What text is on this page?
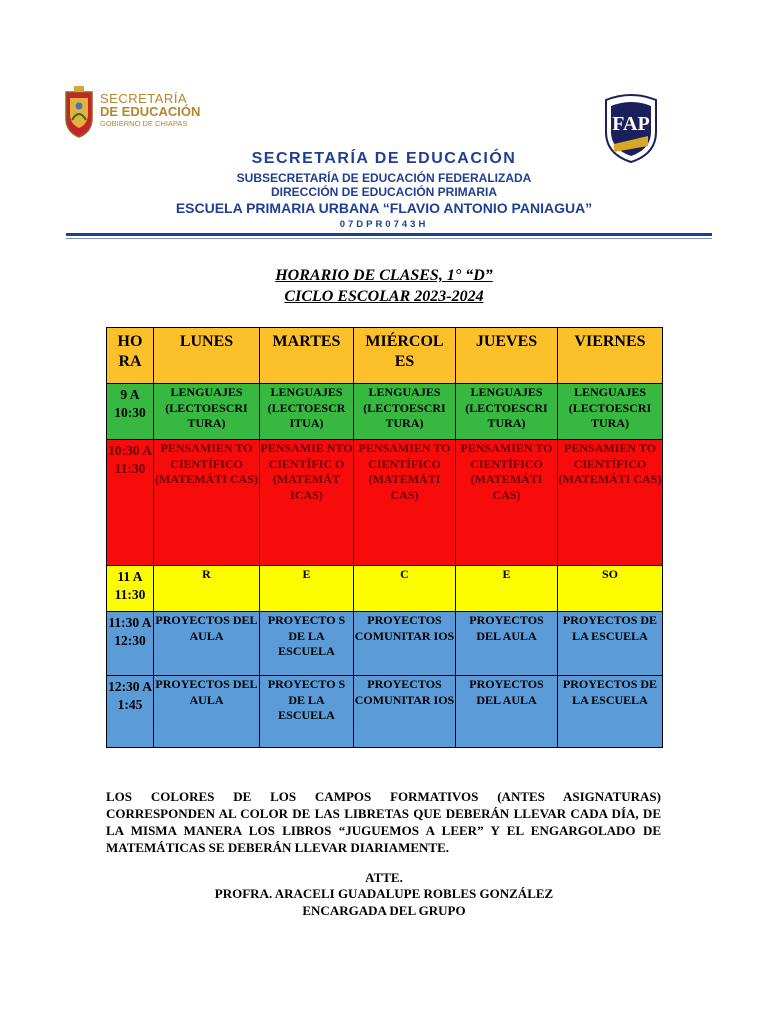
SECRETARÍA
DE EDUCACIÓN
GOBIERNO DE CHIAPAS	FAP
SECRETARÍA DE EDUCACIÓN
SUBSECRETARÍA DE EDUCACIÓN FEDERALIZADA
DIRECCIÓN DE EDUCACIÓN PRIMARIA
ESCUELA PRIMARIA URBANA “FLAVIO ANTONIO PANIAGUA”
07DPR0743H
HORARIO DE CLASES, 1° “D”
CICLO ESCOLAR 2023-2024
HO RA	LUNES	MARTES	MIÉRCOL ES	JUEVES	VIERNES
9 A 10:30	LENGUAJES (LECTOESCRI TURA)	LENGUAJES (LECTOESCR ITUA)	LENGUAJES (LECTOESCRI TURA)	LENGUAJES (LECTOESCRI TURA)	LENGUAJES (LECTOESCRI TURA)
10:30 A 11:30	PENSAMIEN TO CIENTÍFICO (MATEMÁTI CAS)	PENSAMIE NTO CIENTÍFIC O (MATEMÁT ICAS)	PENSAMIEN TO CIENTÍFICO (MATEMÁTI CAS)	PENSAMIEN TO CIENTÍFICO (MATEMÁTI CAS)	PENSAMIEN TO CIENTÍFICO (MATEMÁTI CAS)
11 A 11:30	R	E	C	E	SO
11:30 A 12:30	PROYECTOS DEL AULA	PROYECTO S DE LA ESCUELA	PROYECTOS COMUNITAR IOS	PROYECTOS DEL AULA	PROYECTOS DE LA ESCUELA
12:30 A 1:45	PROYECTOS DEL AULA	PROYECTO S DE LA ESCUELA	PROYECTOS COMUNITAR IOS	PROYECTOS DEL AULA	PROYECTOS DE LA ESCUELA

LOS COLORES DE LOS CAMPOS FORMATIVOS (ANTES ASIGNATURAS) CORRESPONDEN AL COLOR DE LAS LIBRETAS QUE DEBERÁN LLEVAR CADA DÍA, DE LA MISMA MANERA LOS LIBROS “JUGUEMOS A LEER” Y EL ENGARGOLADO DE MATEMÁTICAS SE DEBERÁN LLEVAR DIARIAMENTE.

ATTE.
PROFRA. ARACELI GUADALUPE ROBLES GONZÁLEZ
ENCARGADA DEL GRUPO
